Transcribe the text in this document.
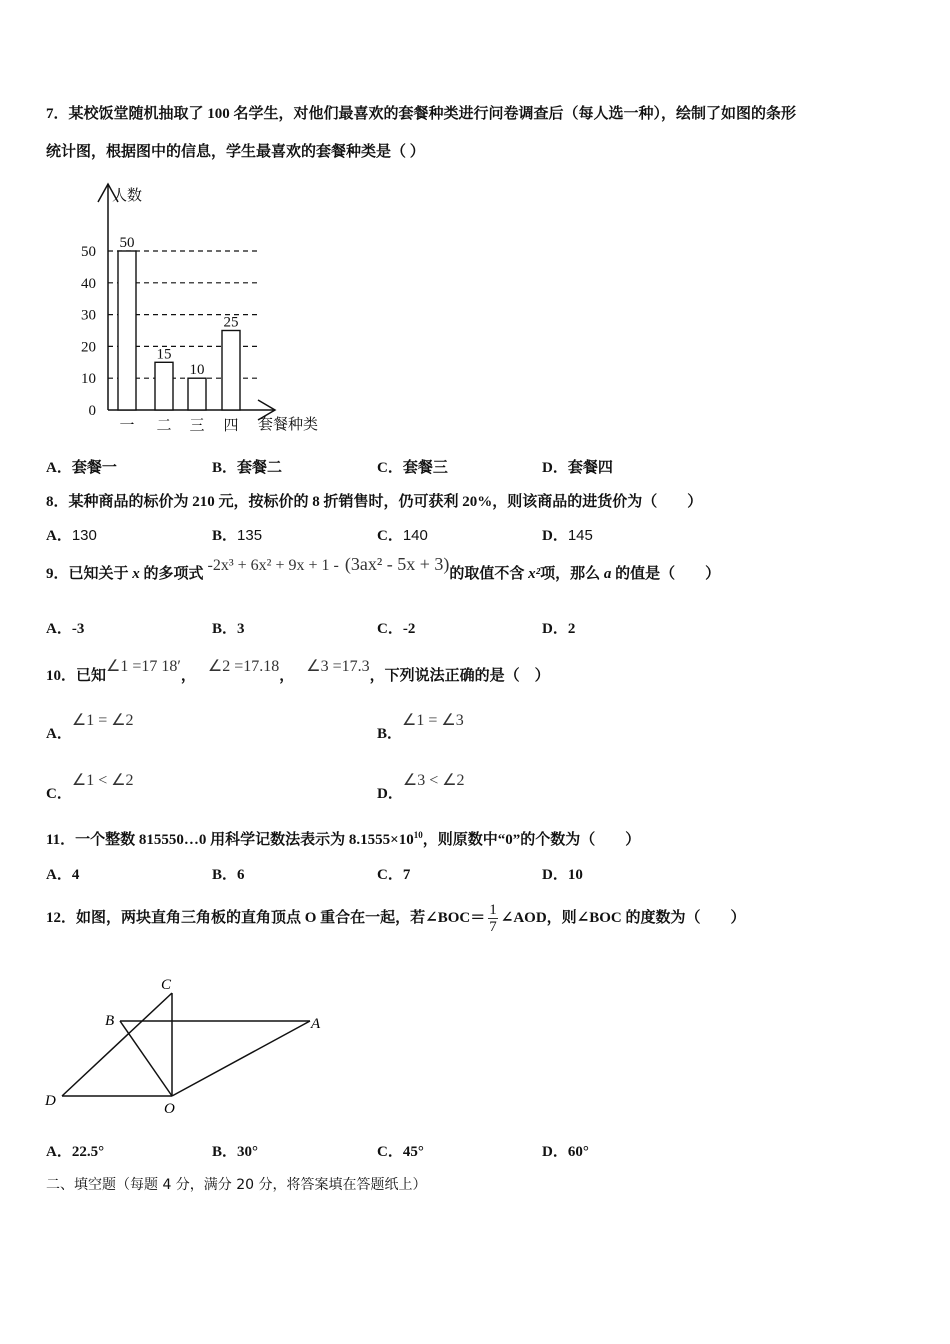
7．某校饭堂随机抽取了 100 名学生，对他们最喜欢的套餐种类进行问卷调查后（每人选一种），绘制了如图的条形
统计图，根据图中的信息，学生最喜欢的套餐种类是（ ）
0
10
20
30
40
50
人数
套餐种类
50
一
15
二
10
三
25
四
A．套餐一	B．套餐二	C．套餐三	D．套餐四
8．某种商品的标价为 210 元，按标价的 8 折销售时，仍可获利 20%，则该商品的进货价为（　　）
A．130	B．135	C．140	D．145
9．已知关于 x 的多项式 -2x³ + 6x² + 9x + 1 - (3ax² - 5x + 3)的取值不含 x²项，那么 a 的值是（　　）
A．-3	B．3	C．-2	D．2
10．已知∠1 =17 18′，∠2 =17.18，∠3 =17.3，下列说法正确的是（　）
A．∠1 = ∠2
B．∠1 = ∠3
C．∠1 < ∠2
D．∠3 < ∠2
11．一个整数 815550…0 用科学记数法表示为 $8.1555\times 10^{10}$，则原数中“0”的个数为（　　）
A．4	B．6	C．7	D．10
12．如图，两块直角三角板的直角顶点 O 重合在一起，若∠BOC＝ $\frac{1}{7}$ ∠AOD，则∠BOC 的度数为（　　）
C
B	A
D	O
A．22.5°	B．30°	C．45°	D．60°
二、填空题（每题 4 分，满分 20 分，将答案填在答题纸上）
